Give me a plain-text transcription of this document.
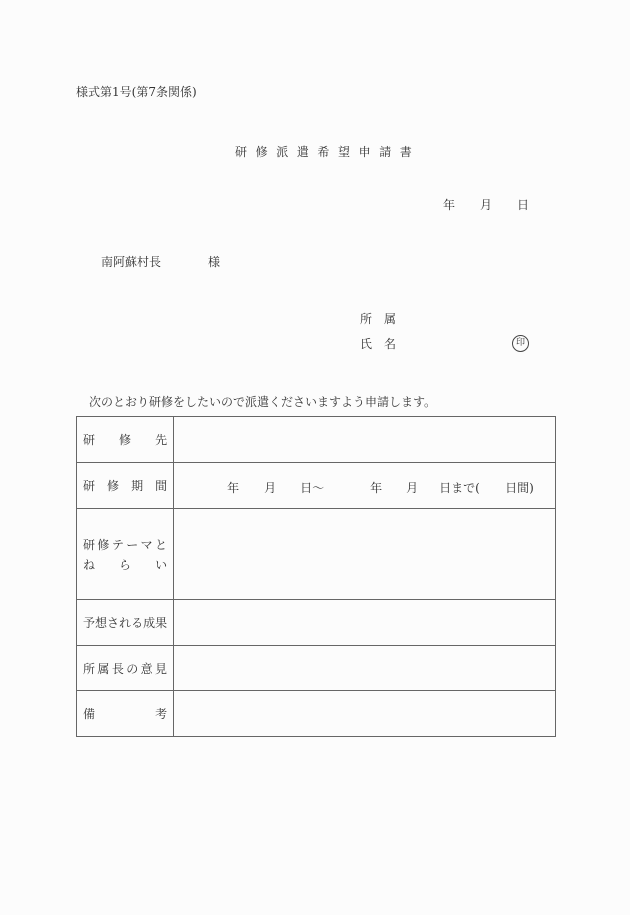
様式第1号(第7条関係)
研修派遣希望申請書
年 月 日
南阿蘇村長	様
所属
氏名	印
次のとおり研修をしたいので派遣くださいますよう申請します。
研 修 先	

研 修 期 間	年 月 日～	年 月 日まで( 日間)

研 修 テ ー マ と
ね ら い

予 想 さ れ る 成 果

所 属 長 の 意 見

備 考	
